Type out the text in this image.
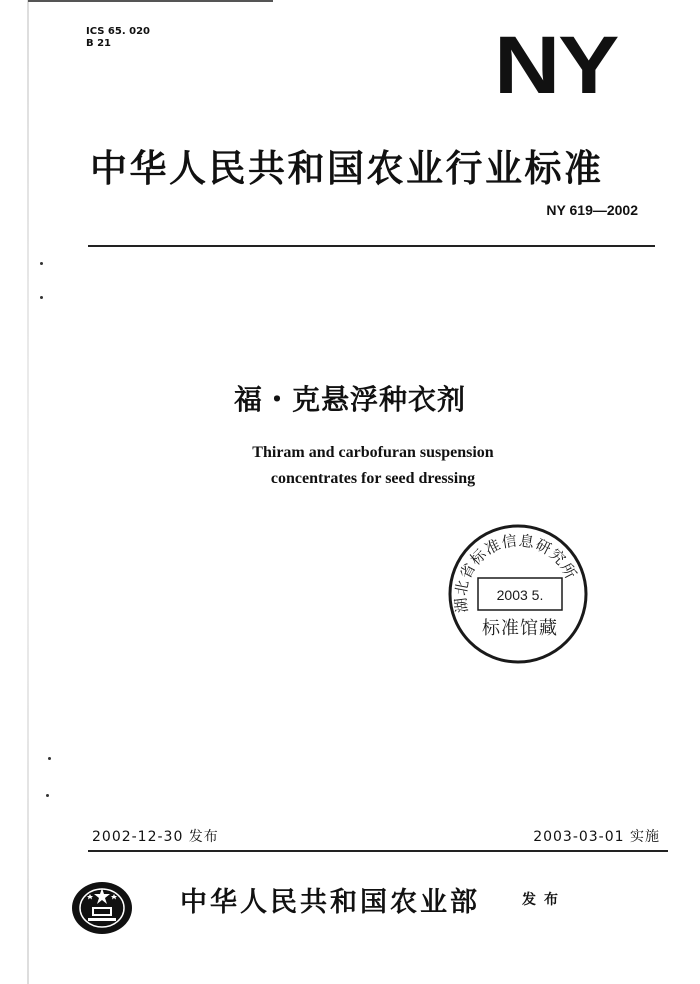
ICS 65. 020
B 21	NY
中华人民共和国农业行业标准
NY 619—2002
福・克悬浮种衣剂
Thiram and carbofuran suspension
concentrates for seed dressing
湖北省标准信息研究所
2003 5.
标准馆藏
2002-12-30 发布	2003-03-01 实施
中华人民共和国农业部	发布
